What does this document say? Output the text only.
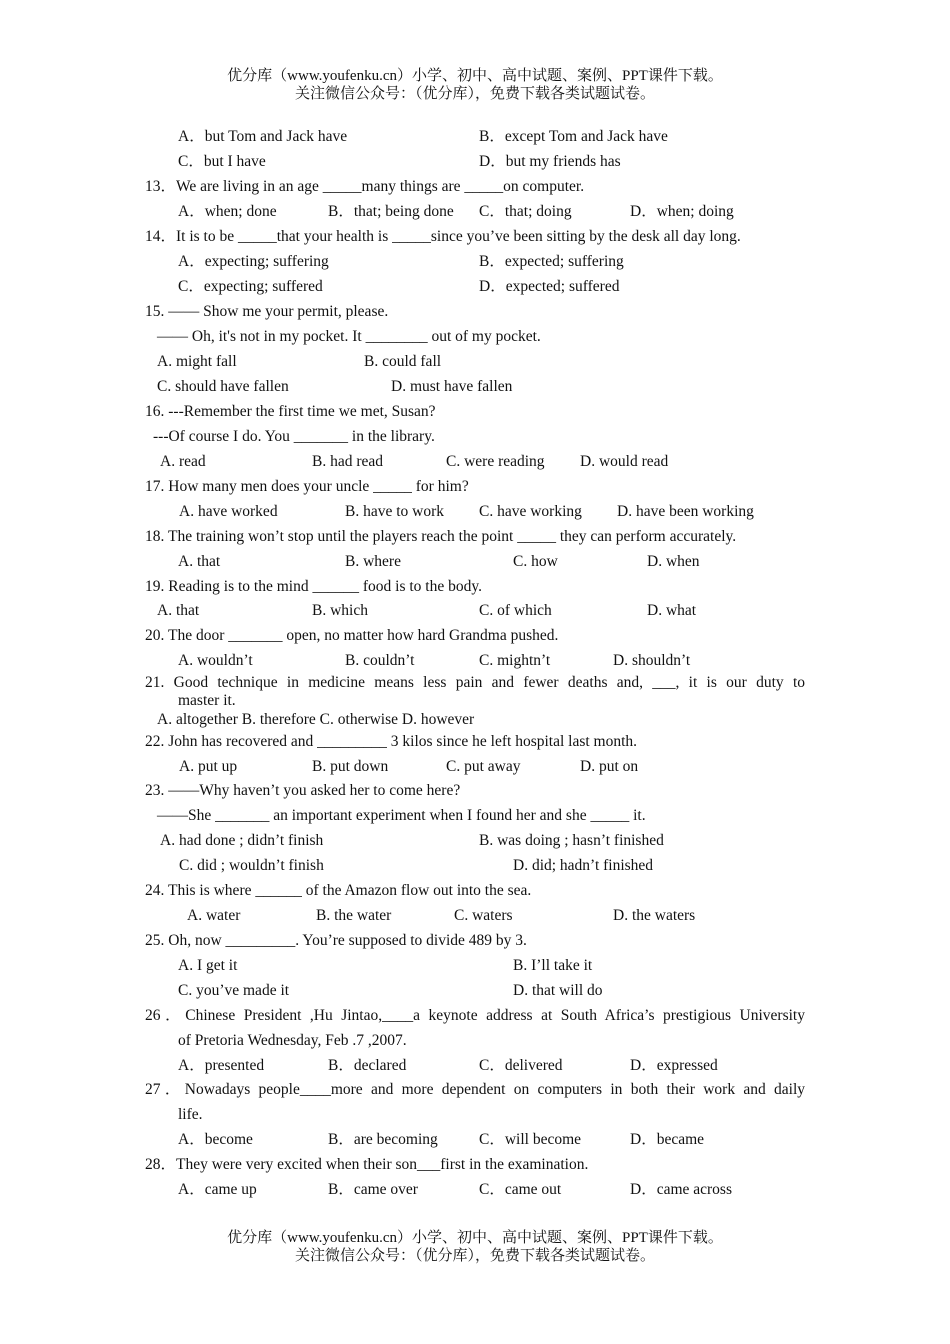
优分库（www.youfenku.cn）小学、初中、高中试题、案例、PPT课件下载。
关注微信公众号：（优分库），免费下载各类试题试卷。
A．but Tom and Jack have	B．except Tom and Jack have
C．but I have	D．but my friends has
13．We are living in an age _____many things are _____on computer.
A．when; done	B．that; being done C．that; doing	D．when; doing
14．It is to be _____that your health is _____since you’ve been sitting by the desk all day long.
A．expecting; suffering	B．expected; suffering
C．expecting; suffered	D．expected; suffered
15. —— Show me your permit, please.
—— Oh, it's not in my pocket. It ________ out of my pocket.
A. might fall	B. could fall
C. should have fallen	D. must have fallen
16. ---Remember the first time we met, Susan?
---Of course I do. You _______ in the library.
A. read	B. had read	C. were reading D. would read
17. How many men does your uncle _____ for him?
A. have worked	B. have to work C. have working D. have been working
18. The training won’t stop until the players reach the point _____ they can perform accurately.
A. that	B. where	C. how	D. when
19. Reading is to the mind ______ food is to the body.
A. that	B. which	C. of which	D. what
20. The door _______ open, no matter how hard Grandma pushed.
A. wouldn’t	B. couldn’t	C. mightn’t	D. shouldn’t
21. Good technique in medicine means less pain and fewer deaths and, ___, it is our duty to
master it.
A. altogether B. therefore C. otherwise D. however
22. John has recovered and _________ 3 kilos since he left hospital last month.
A. put up	B. put down	C. put away	D. put on
23. ——Why haven’t you asked her to come here?
——She _______ an important experiment when I found her and she _____ it.
A. had done ; didn’t finish	B. was doing ; hasn’t finished
C. did ; wouldn’t finish	D. did; hadn’t finished
24. This is where ______ of the Amazon flow out into the sea.
A. water	B. the water	C. waters	D. the waters
25. Oh, now _________. You’re supposed to divide 489 by 3.
A. I get it	B. I’ll take it
C. you’ve made it	D. that will do
26．Chinese President ,Hu Jintao,____a keynote address at South Africa’s prestigious University
of Pretoria Wednesday, Feb .7 ,2007.
A．presented	B．declared	C．delivered	D．expressed
27．Nowadays people____more and more dependent on computers in both their work and daily
life.
A．become	B．are becoming	C．will become	D．became
28．They were very excited when their son___first in the examination.
A．came up	B．came over	C．came out	D．came across
优分库（www.youfenku.cn）小学、初中、高中试题、案例、PPT课件下载。
关注微信公众号：（优分库），免费下载各类试题试卷。
